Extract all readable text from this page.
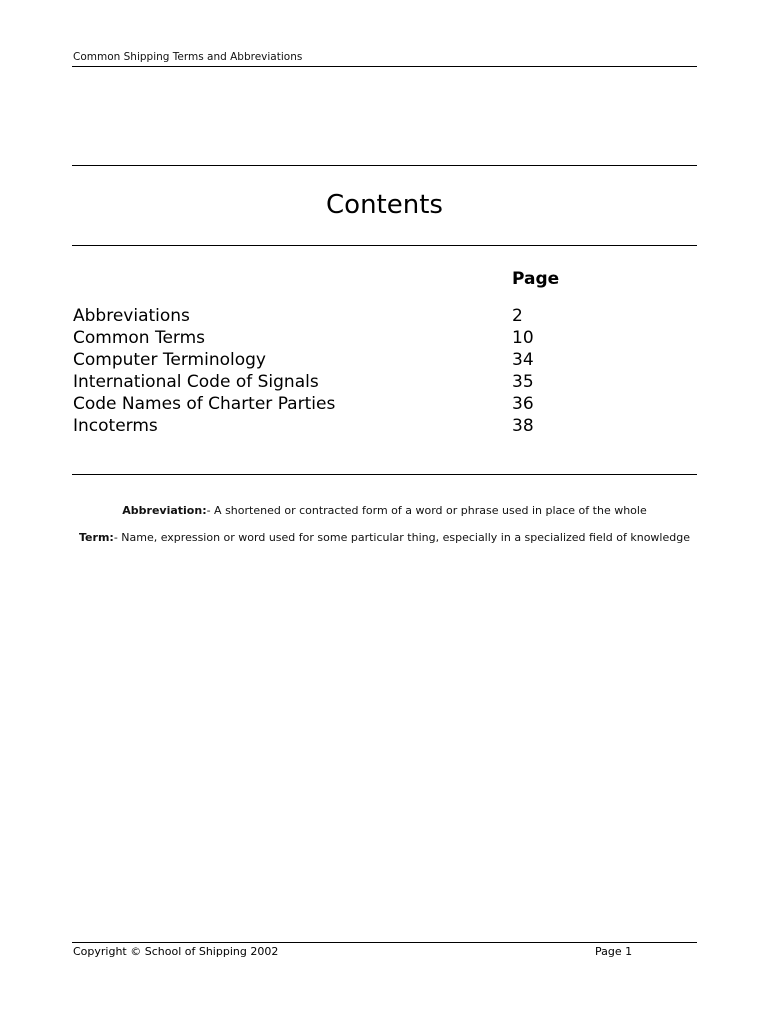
Common Shipping Terms and Abbreviations
Contents
Page
Abbreviations	2
Common Terms	10
Computer Terminology	34
International Code of Signals	35
Code Names of Charter Parties	36
Incoterms	38
Abbreviation:- A shortened or contracted form of a word or phrase used in place of the whole
Term:- Name, expression or word used for some particular thing, especially in a specialized field of knowledge
Copyright © School of Shipping 2002	Page 1
